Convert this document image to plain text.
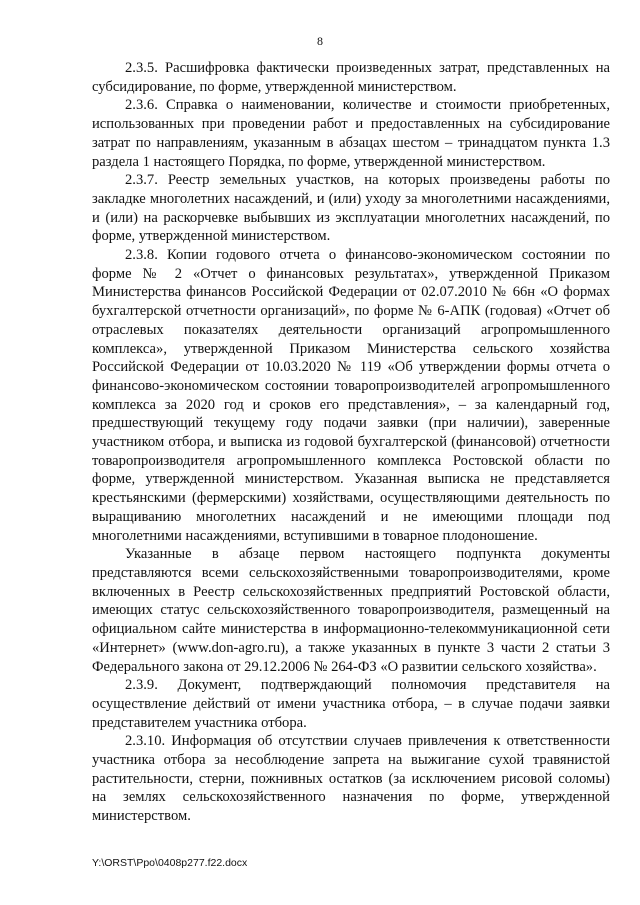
8

2.3.5. Расшифровка фактически произведенных затрат, представленных на субсидирование, по форме, утвержденной министерством.

2.3.6. Справка о наименовании, количестве и стоимости приобретенных, использованных при проведении работ и предоставленных на субсидирование затрат по направлениям, указанным в абзацах шестом – тринадцатом пункта 1.3 раздела 1 настоящего Порядка, по форме, утвержденной министерством.

2.3.7. Реестр земельных участков, на которых произведены работы по закладке многолетних насаждений, и (или) уходу за многолетними насаждениями, и (или) на раскорчевке выбывших из эксплуатации многолетних насаждений, по форме, утвержденной министерством.

2.3.8. Копии годового отчета о финансово-экономическом состоянии по форме № 2 «Отчет о финансовых результатах», утвержденной Приказом Министерства финансов Российской Федерации от 02.07.2010 № 66н «О формах бухгалтерской отчетности организаций», по форме № 6-АПК (годовая) «Отчет об отраслевых показателях деятельности организаций агропромышленного комплекса», утвержденной Приказом Министерства сельского хозяйства Российской Федерации от 10.03.2020 № 119 «Об утверждении формы отчета о финансово-экономическом состоянии товаропроизводителей агропромышленного комплекса за 2020 год и сроков его представления», – за календарный год, предшествующий текущему году подачи заявки (при наличии), заверенные участником отбора, и выписка из годовой бухгалтерской (финансовой) отчетности товаропроизводителя агропромышленного комплекса Ростовской области по форме, утвержденной министерством. Указанная выписка не представляется крестьянскими (фермерскими) хозяйствами, осуществляющими деятельность по выращиванию многолетних насаждений и не имеющими площади под многолетними насаждениями, вступившими в товарное плодоношение.

Указанные в абзаце первом настоящего подпункта документы представляются всеми сельскохозяйственными товаропроизводителями, кроме включенных в Реестр сельскохозяйственных предприятий Ростовской области, имеющих статус сельскохозяйственного товаропроизводителя, размещенный на официальном сайте министерства в информационно-телекоммуникационной сети «Интернет» (www.don-agro.ru), а также указанных в пункте 3 части 2 статьи 3 Федерального закона от 29.12.2006 № 264-ФЗ «О развитии сельского хозяйства».

2.3.9. Документ, подтверждающий полномочия представителя на осуществление действий от имени участника отбора, – в случае подачи заявки представителем участника отбора.

2.3.10. Информация об отсутствии случаев привлечения к ответственности участника отбора за несоблюдение запрета на выжигание сухой травянистой растительности, стерни, пожнивных остатков (за исключением рисовой соломы) на землях сельскохозяйственного назначения по форме, утвержденной министерством.

Y:\ORST\Ppo\0408p277.f22.docx
